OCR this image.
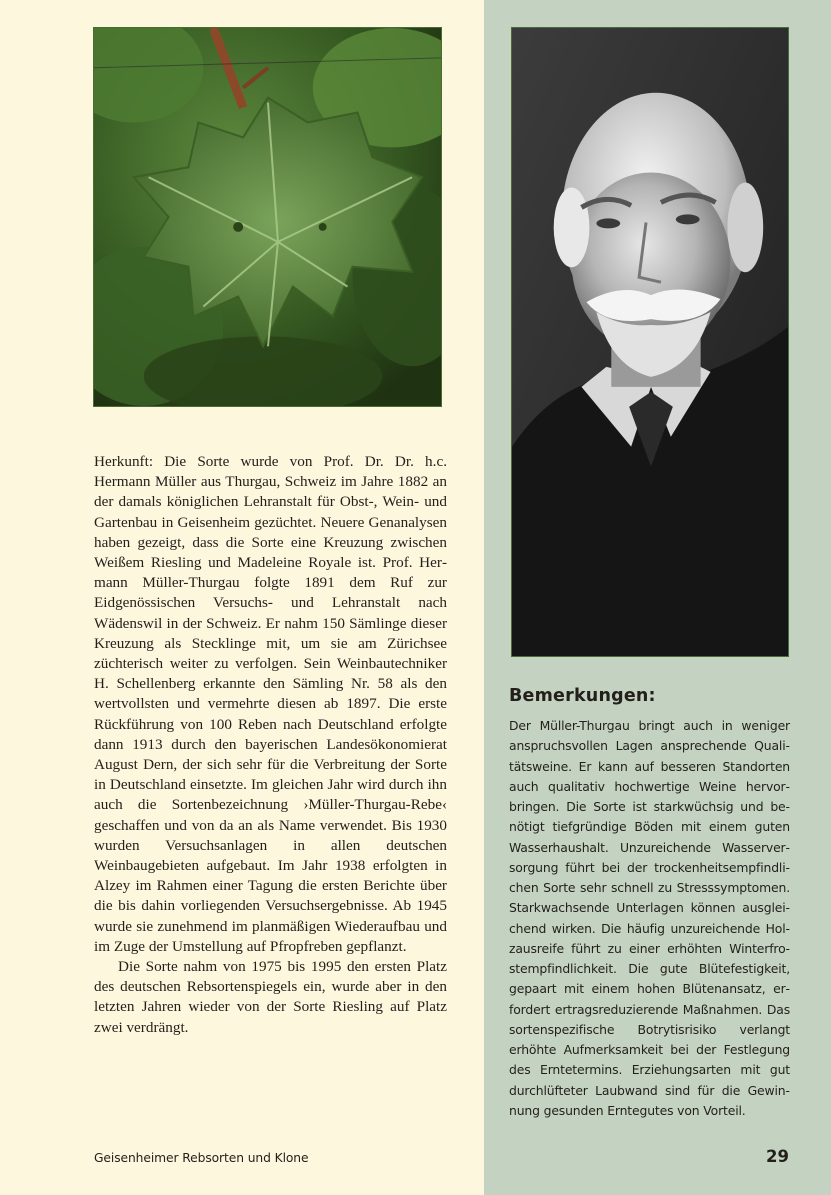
Herkunft: Die Sorte wurde von Prof. Dr. Dr. h.c. Hermann Müller aus Thurgau, Schweiz im Jahre 1882 an der damals königlichen Lehranstalt für Obst-, Wein- und Gartenbau in Geisenheim gezüchtet. Neuere Genanalysen haben gezeigt, dass die Sorte eine Kreuzung zwischen Weißem Riesling und Madeleine Royale ist. Prof. Hermann Müller-Thurgau folgte 1891 dem Ruf zur Eidgenössischen Versuchs- und Lehranstalt nach Wädenswil in der Schweiz. Er nahm 150 Sämlinge dieser Kreuzung als Stecklinge mit, um sie am Zürichsee züchterisch weiter zu verfolgen. Sein Weinbautechniker H. Schellenberg erkannte den Sämling Nr. 58 als den wertvollsten und vermehrte diesen ab 1897. Die erste Rückführung von 100 Reben nach Deutschland erfolgte dann 1913 durch den bayerischen Landesökonomierat August Dern, der sich sehr für die Verbreitung der Sorte in Deutschland einsetzte. Im gleichen Jahr wird durch ihn auch die Sortenbezeichnung ›Müller-Thurgau-Rebe‹ geschaffen und von da an als Name verwendet. Bis 1930 wurden Versuchsanlagen in allen deutschen Weinbaugebieten aufgebaut. Im Jahr 1938 erfolgten in Alzey im Rahmen einer Tagung die ersten Berichte über die bis dahin vorliegenden Versuchsergebnisse. Ab 1945 wurde sie zunehmend im planmäßigen Wiederaufbau und im Zuge der Umstellung auf Pfropfreben gepflanzt.

Die Sorte nahm von 1975 bis 1995 den ersten Platz des deutschen Rebsortenspiegels ein, wurde aber in den letzten Jahren wieder von der Sorte Riesling auf Platz zwei verdrängt.

Bemerkungen:
Der Müller-Thurgau bringt auch in weniger anspruchsvollen Lagen ansprechende Qualitätsweine. Er kann auf besseren Standorten auch qualitativ hochwertige Weine hervorbringen. Die Sorte ist starkwüchsig und benötigt tiefgründige Böden mit einem guten Wasserhaushalt. Unzureichende Wasserversorgung führt bei der trockenheitsempfindlichen Sorte sehr schnell zu Stresssymptomen. Starkwachsende Unterlagen können ausgleichend wirken. Die häufig unzureichende Holzausreife führt zu einer erhöhten Winterfrostempfindlichkeit. Die gute Blütefestigkeit, gepaart mit einem hohen Blütenansatz, erfordert ertragsreduzierende Maßnahmen. Das sortenspezifische Botrytisrisiko verlangt erhöhte Aufmerksamkeit bei der Festlegung des Erntetermins. Erziehungsarten mit gut durchlüfteter Laubwand sind für die Gewinnung gesunden Erntegutes von Vorteil.
Geisenheimer Rebsorten und Klone	29
